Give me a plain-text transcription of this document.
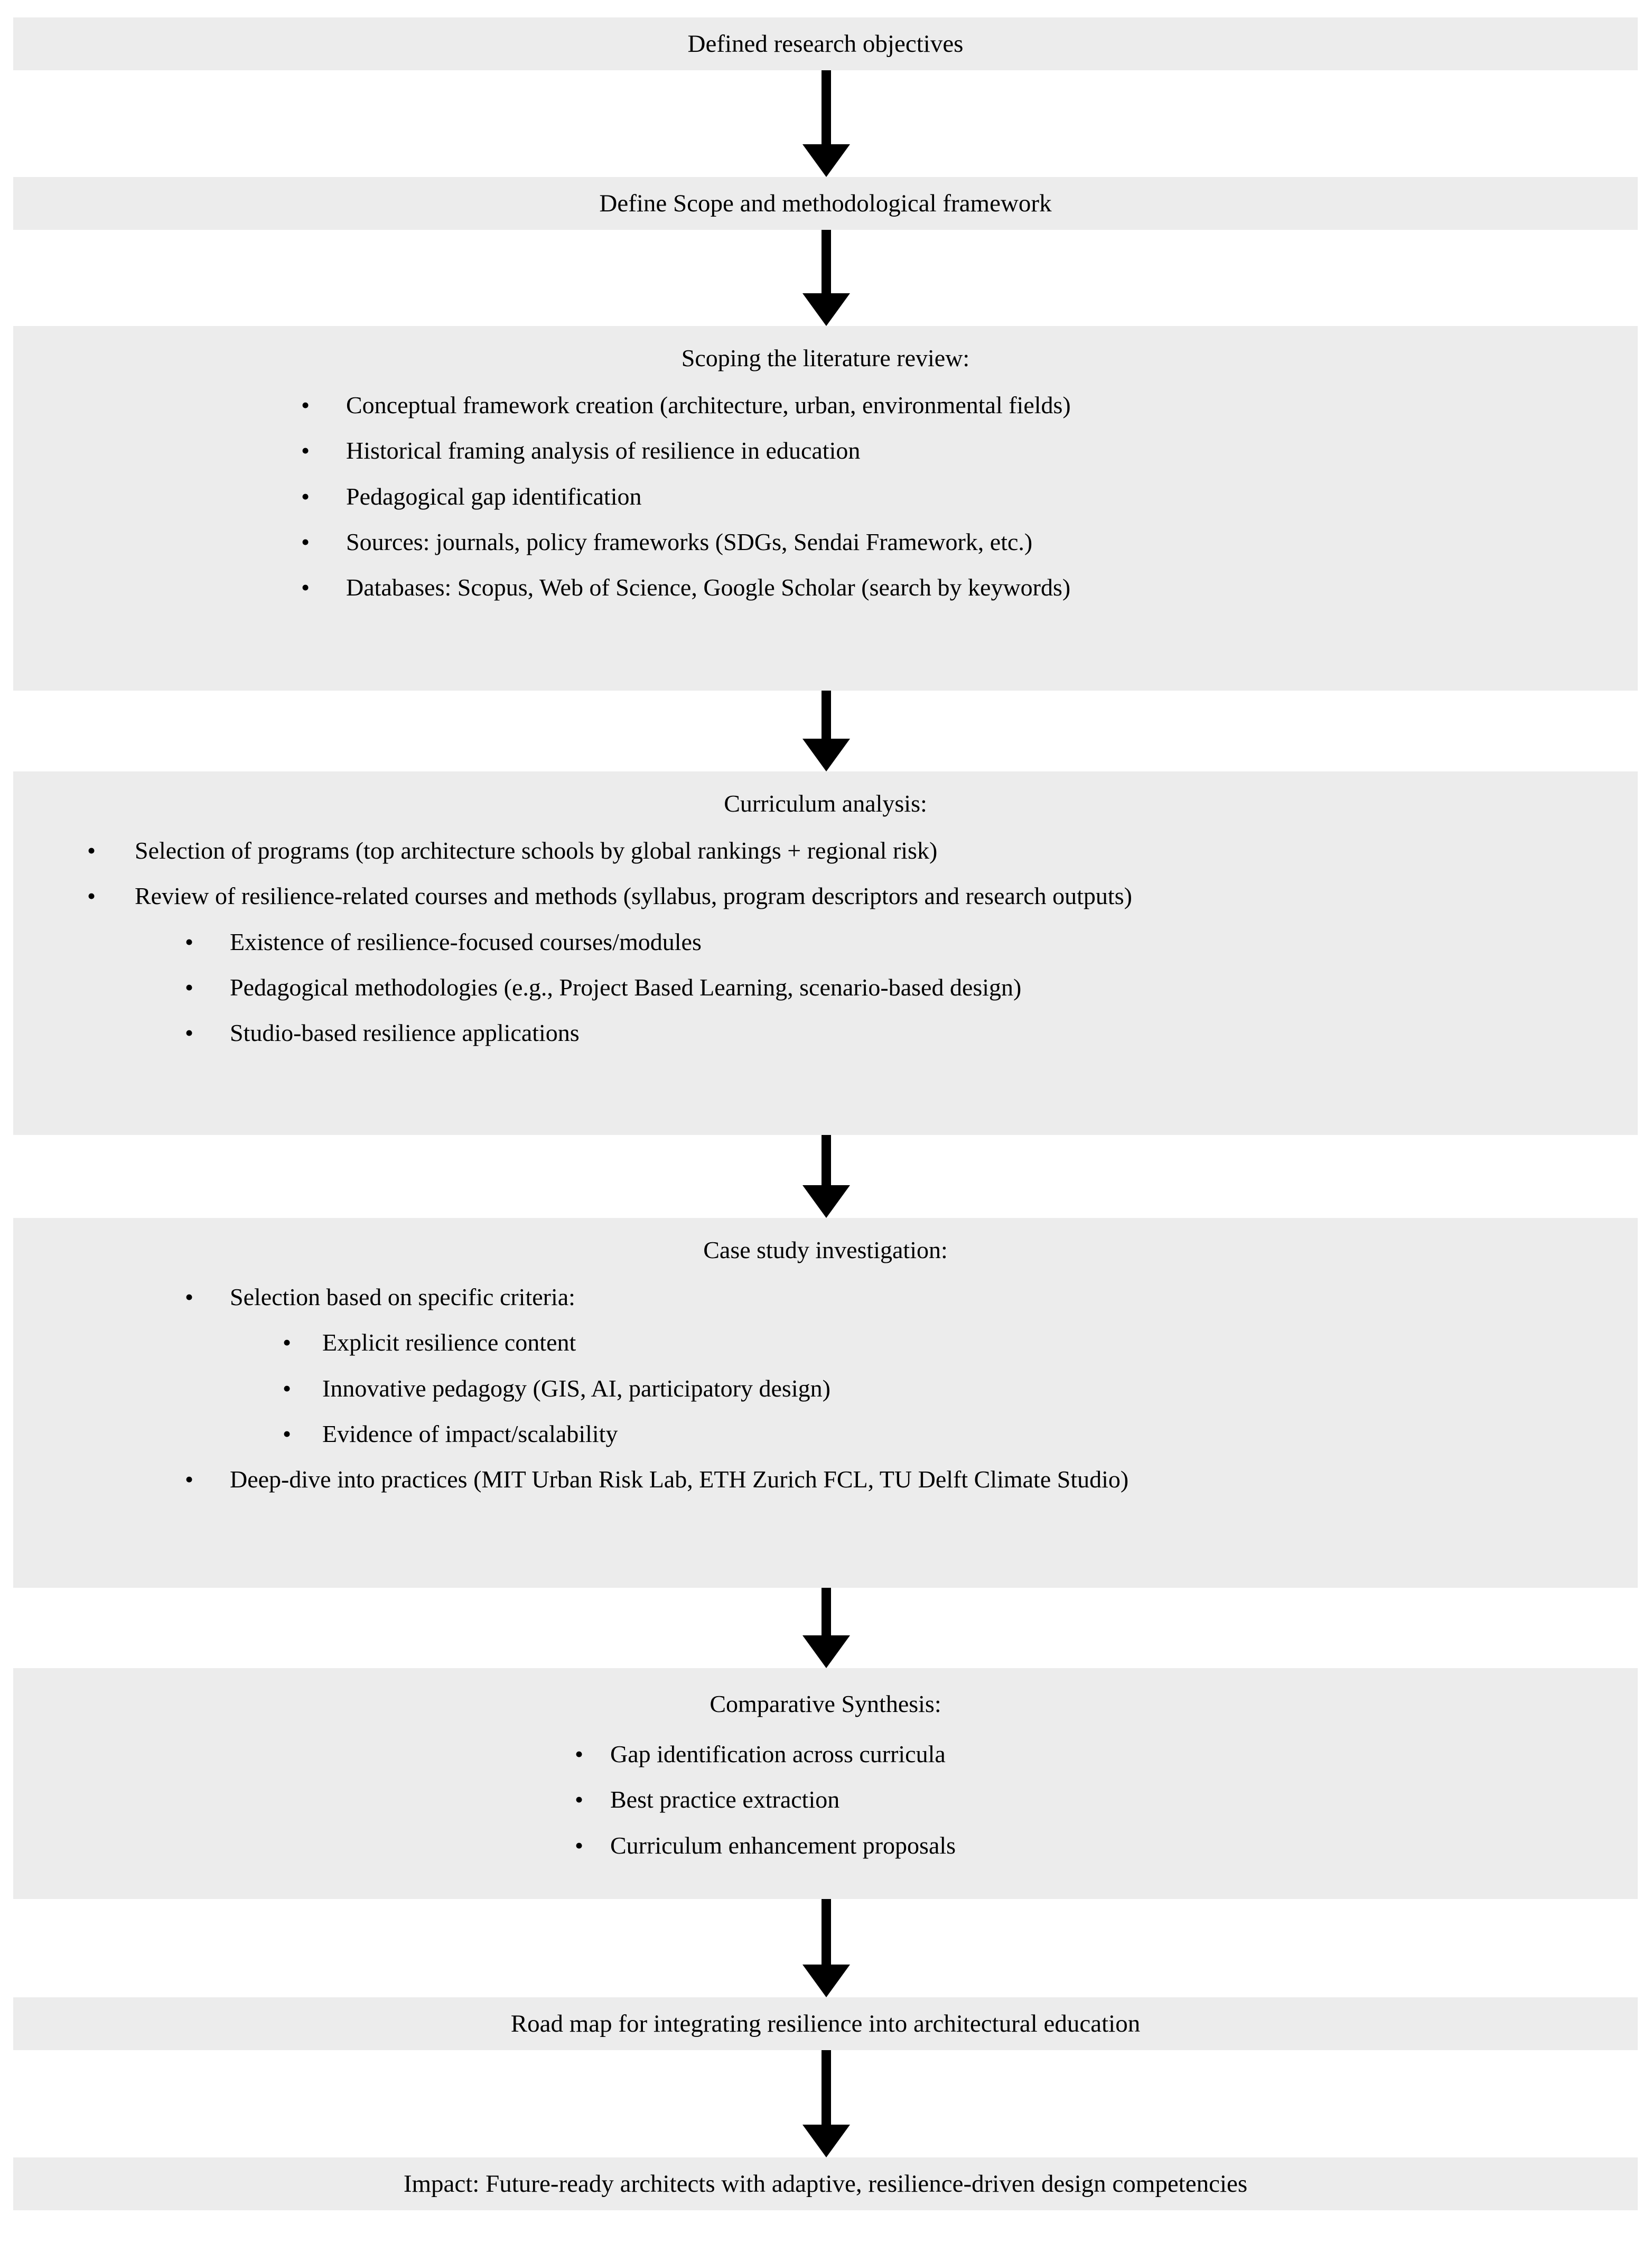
Defined research objectives
Define Scope and methodological framework
Scoping the literature review:
• Conceptual framework creation (architecture, urban, environmental fields)
• Historical framing analysis of resilience in education
• Pedagogical gap identification
• Sources: journals, policy frameworks (SDGs, Sendai Framework, etc.)
• Databases: Scopus, Web of Science, Google Scholar (search by keywords)
Curriculum analysis:
• Selection of programs (top architecture schools by global rankings + regional risk)
• Review of resilience-related courses and methods (syllabus, program descriptors and research outputs)
• Existence of resilience-focused courses/modules
• Pedagogical methodologies (e.g., Project Based Learning, scenario-based design)
• Studio-based resilience applications
Case study investigation:
• Selection based on specific criteria:
• Explicit resilience content
• Innovative pedagogy (GIS, AI, participatory design)
• Evidence of impact/scalability
• Deep-dive into practices (MIT Urban Risk Lab, ETH Zurich FCL, TU Delft Climate Studio)
Comparative Synthesis:
• Gap identification across curricula
• Best practice extraction
• Curriculum enhancement proposals
Road map for integrating resilience into architectural education
Impact: Future-ready architects with adaptive, resilience-driven design competencies
